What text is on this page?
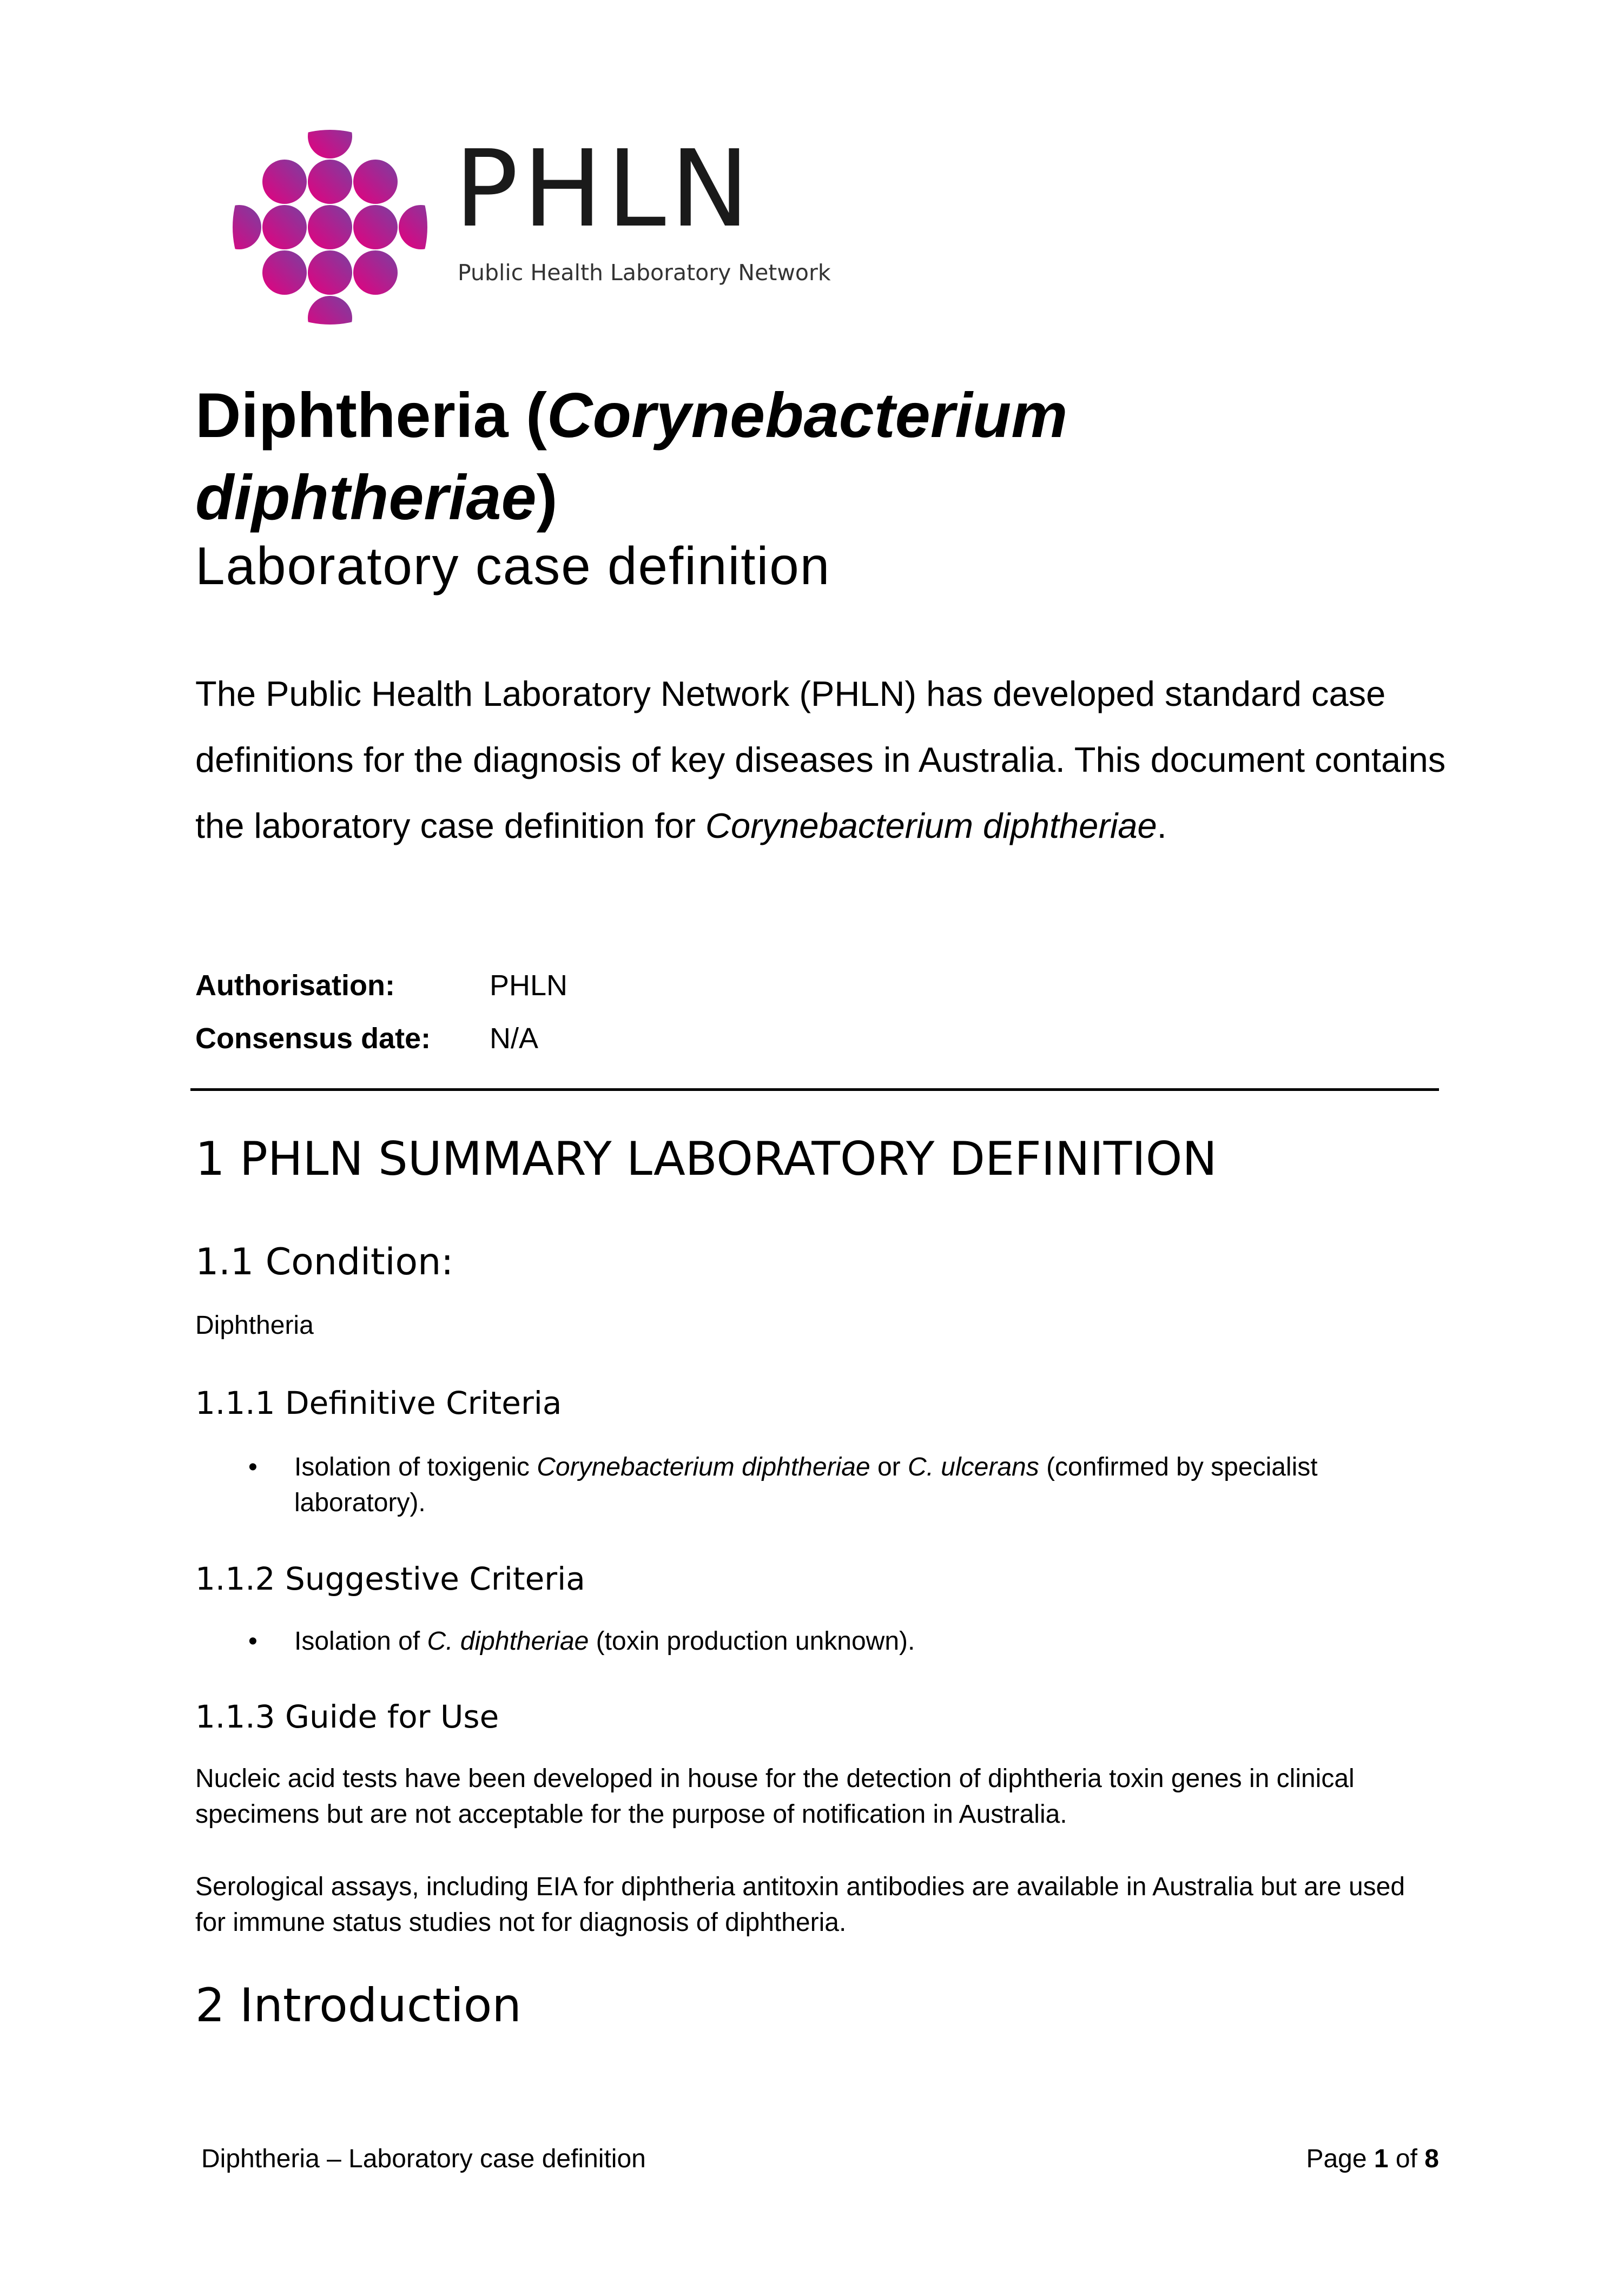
PHLN
Public Health Laboratory Network
Diphtheria (Corynebacterium diphtheriae)
Laboratory case definition

The Public Health Laboratory Network (PHLN) has developed standard case definitions for the diagnosis of key diseases in Australia. This document contains the laboratory case definition for Corynebacterium diphtheriae.

Authorisation:	PHLN
Consensus date: N/A
1 PHLN SUMMARY LABORATORY DEFINITION
1.1 Condition:
Diphtheria
1.1.1 Definitive Criteria
• Isolation of toxigenic Corynebacterium diphtheriae or C. ulcerans (confirmed by specialist laboratory).

1.1.2 Suggestive Criteria
• Isolation of C. diphtheriae (toxin production unknown).

1.1.3 Guide for Use

Nucleic acid tests have been developed in house for the detection of diphtheria toxin genes in clinical specimens but are not acceptable for the purpose of notification in Australia.

Serological assays, including EIA for diphtheria antitoxin antibodies are available in Australia but are used for immune status studies not for diagnosis of diphtheria.

2 Introduction
Diphtheria – Laboratory case definition	Page 1 of 8
